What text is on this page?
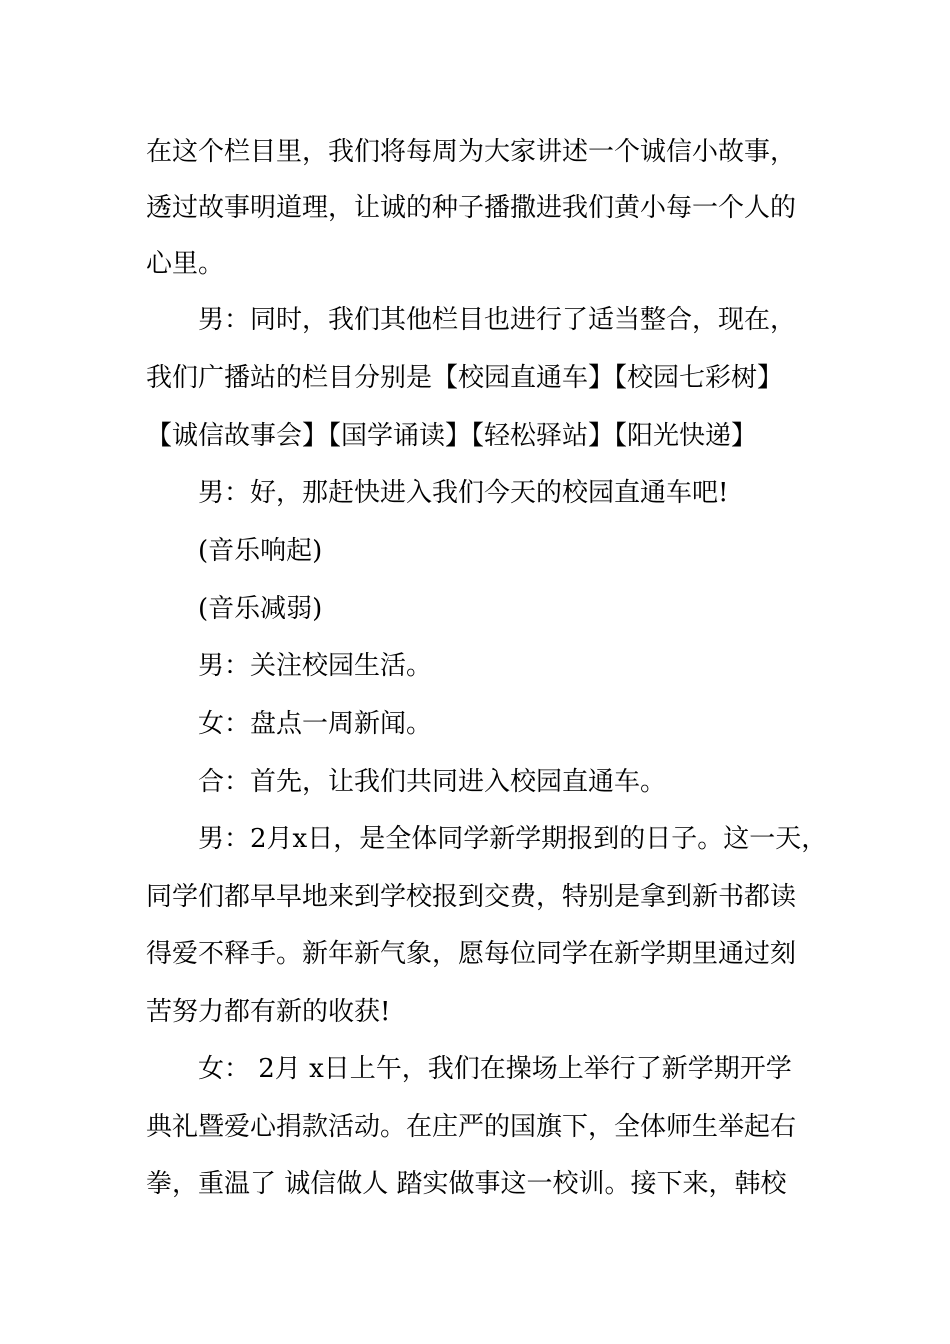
在这个栏目里，我们将每周为大家讲述一个诚信小故事，
透过故事明道理，让诚的种子播撒进我们黄小每一个人的
心里。
男：同时，我们其他栏目也进行了适当整合，现在，
我们广播站的栏目分别是【校园直通车】【校园七彩树】
【诚信故事会】【国学诵读】【轻松驿站】【阳光快递】
男：好，那赶快进入我们今天的校园直通车吧!
(音乐响起)
(音乐减弱)
男：关注校园生活。
女：盘点一周新闻。
合：首先，让我们共同进入校园直通车。
男：2月x日，是全体同学新学期报到的日子。这一天，
同学们都早早地来到学校报到交费，特别是拿到新书都读
得爱不释手。新年新气象，愿每位同学在新学期里通过刻
苦努力都有新的收获!
女： 2月 x日上午，我们在操场上举行了新学期开学
典礼暨爱心捐款活动。在庄严的国旗下，全体师生举起右
拳，重温了 诚信做人 踏实做事这一校训。接下来，韩校
